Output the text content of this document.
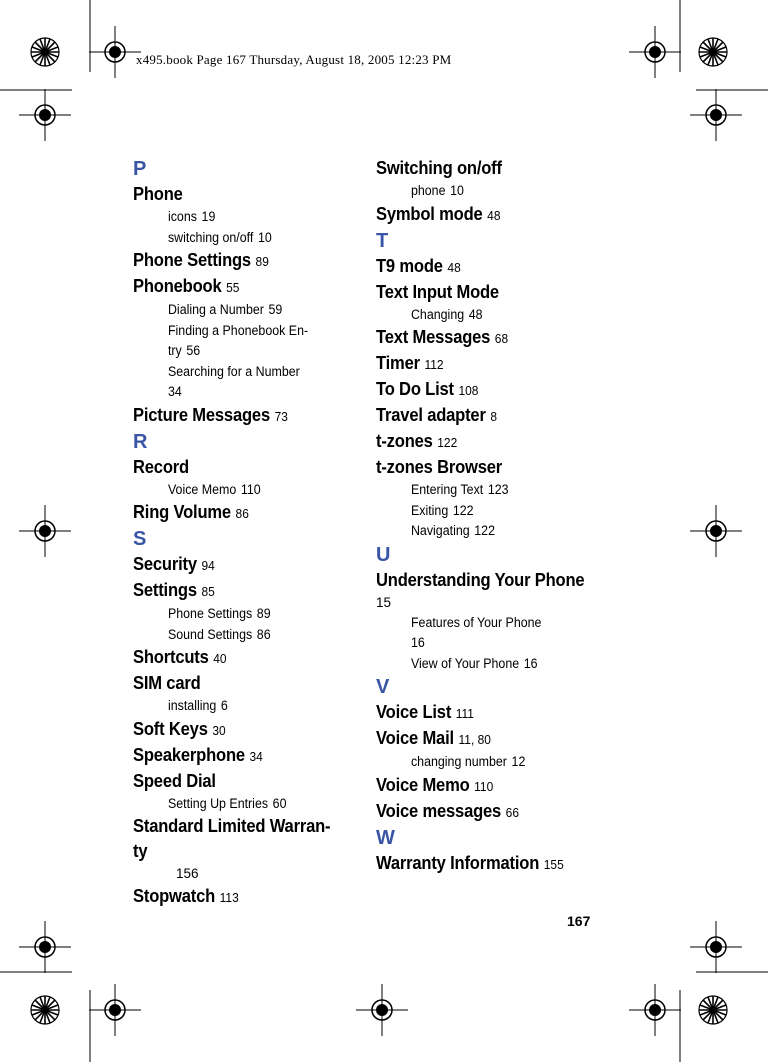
x495.book Page 167 Thursday, August 18, 2005 12:23 PM
P
Phone
icons 19
switching on/off 10
Phone Settings 89
Phonebook 55
Dialing a Number 59
Finding a Phonebook En-
try 56
Searching for a Number
34
Picture Messages 73
R
Record
Voice Memo 110
Ring Volume 86
S
Security 94
Settings 85
Phone Settings 89
Sound Settings 86
Shortcuts 40
SIM card
installing 6
Soft Keys 30
Speakerphone 34
Speed Dial
Setting Up Entries 60
Standard Limited Warran-
ty
156
Stopwatch 113
Switching on/off
phone 10
Symbol mode 48
T
T9 mode 48
Text Input Mode
Changing 48
Text Messages 68
Timer 112
To Do List 108
Travel adapter 8
t-zones 122
t-zones Browser
Entering Text 123
Exiting 122
Navigating 122
U
Understanding Your Phone
15
Features of Your Phone
16
View of Your Phone 16
V
Voice List 111
Voice Mail 11, 80
changing number 12
Voice Memo 110
Voice messages 66
W
Warranty Information 155
167
